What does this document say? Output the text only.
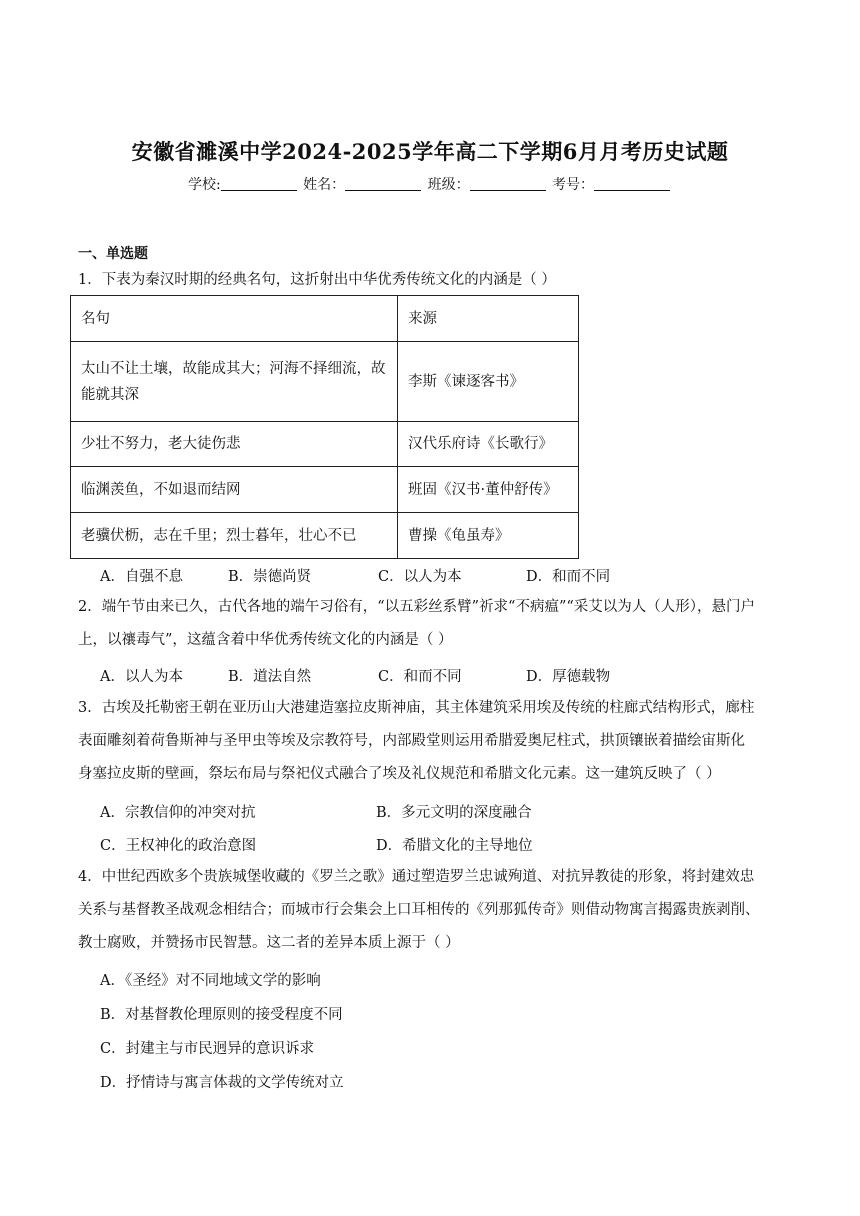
安徽省濉溪中学2024-2025学年高二下学期6月月考历史试题
学校:	姓名：	班级：	考号：
一、单选题
1．下表为秦汉时期的经典名句，这折射出中华优秀传统文化的内涵是（ ）
名句	来源
太山不让土壤，故能成其大；河海不择细流，故能就其深	李斯《谏逐客书》
少壮不努力，老大徒伤悲	汉代乐府诗《长歌行》
临渊羡鱼，不如退而结网	班固《汉书·董仲舒传》
老骥伏枥，志在千里；烈士暮年，壮心不已	曹操《龟虽寿》
A．自强不息	B．崇德尚贤	C．以人为本	D．和而不同
2．端午节由来已久，古代各地的端午习俗有，“以五彩丝系臂”祈求“不病瘟”“采艾以为人（人形），悬门户
上，以禳毒气”，这蕴含着中华优秀传统文化的内涵是（ ）
A．以人为本	B．道法自然	C．和而不同	D．厚德载物
3．古埃及托勒密王朝在亚历山大港建造塞拉皮斯神庙，其主体建筑采用埃及传统的柱廊式结构形式，廊柱
表面雕刻着荷鲁斯神与圣甲虫等埃及宗教符号，内部殿堂则运用希腊爱奥尼柱式，拱顶镶嵌着描绘宙斯化
身塞拉皮斯的壁画，祭坛布局与祭祀仪式融合了埃及礼仪规范和希腊文化元素。这一建筑反映了（ ）
A．宗教信仰的冲突对抗	B．多元文明的深度融合
C．王权神化的政治意图	D．希腊文化的主导地位
4．中世纪西欧多个贵族城堡收藏的《罗兰之歌》通过塑造罗兰忠诚殉道、对抗异教徒的形象，将封建效忠
关系与基督教圣战观念相结合；而城市行会集会上口耳相传的《列那狐传奇》则借动物寓言揭露贵族剥削、
教士腐败，并赞扬市民智慧。这二者的差异本质上源于（ ）
A．《圣经》对不同地域文学的影响
B．对基督教伦理原则的接受程度不同
C．封建主与市民迥异的意识诉求
D．抒情诗与寓言体裁的文学传统对立
